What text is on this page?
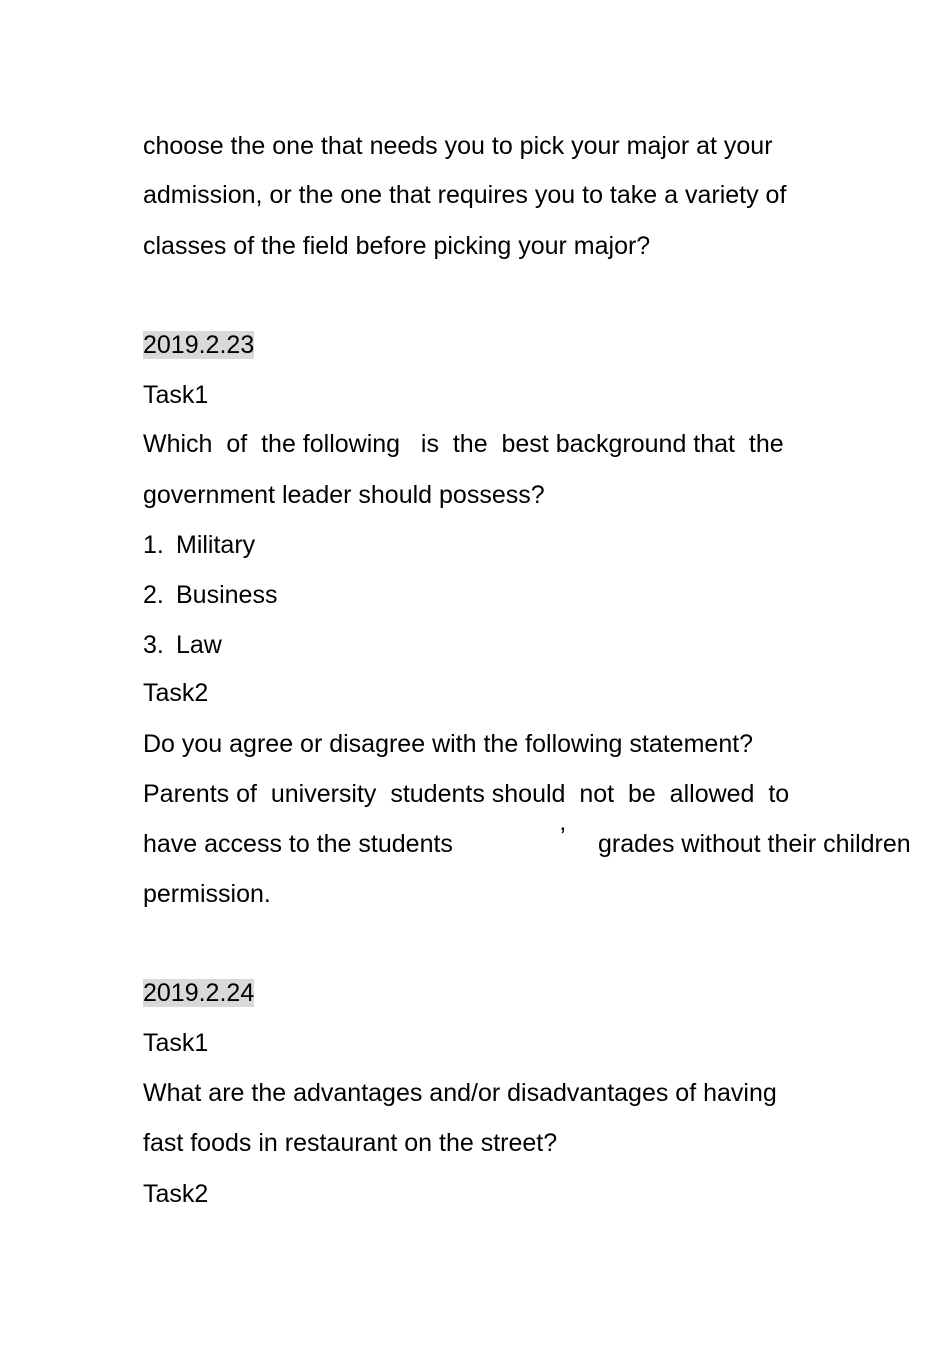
choose the one that needs you to pick your major at your
admission, or the one that requires you to take a variety of
classes of the field before picking your major?
2019.2.23
Task1
Which  of  the following   is  the  best background that  the
government leader should possess?
1. Military
2. Business
3. Law
Task2
Do you agree or disagree with the following statement?
Parents of  university  students should  not  be  allowed  to
have access to the students	’ grades without their children
permission.
2019.2.24
Task1
What are the advantages and/or disadvantages of having
fast foods in restaurant on the street?
Task2
